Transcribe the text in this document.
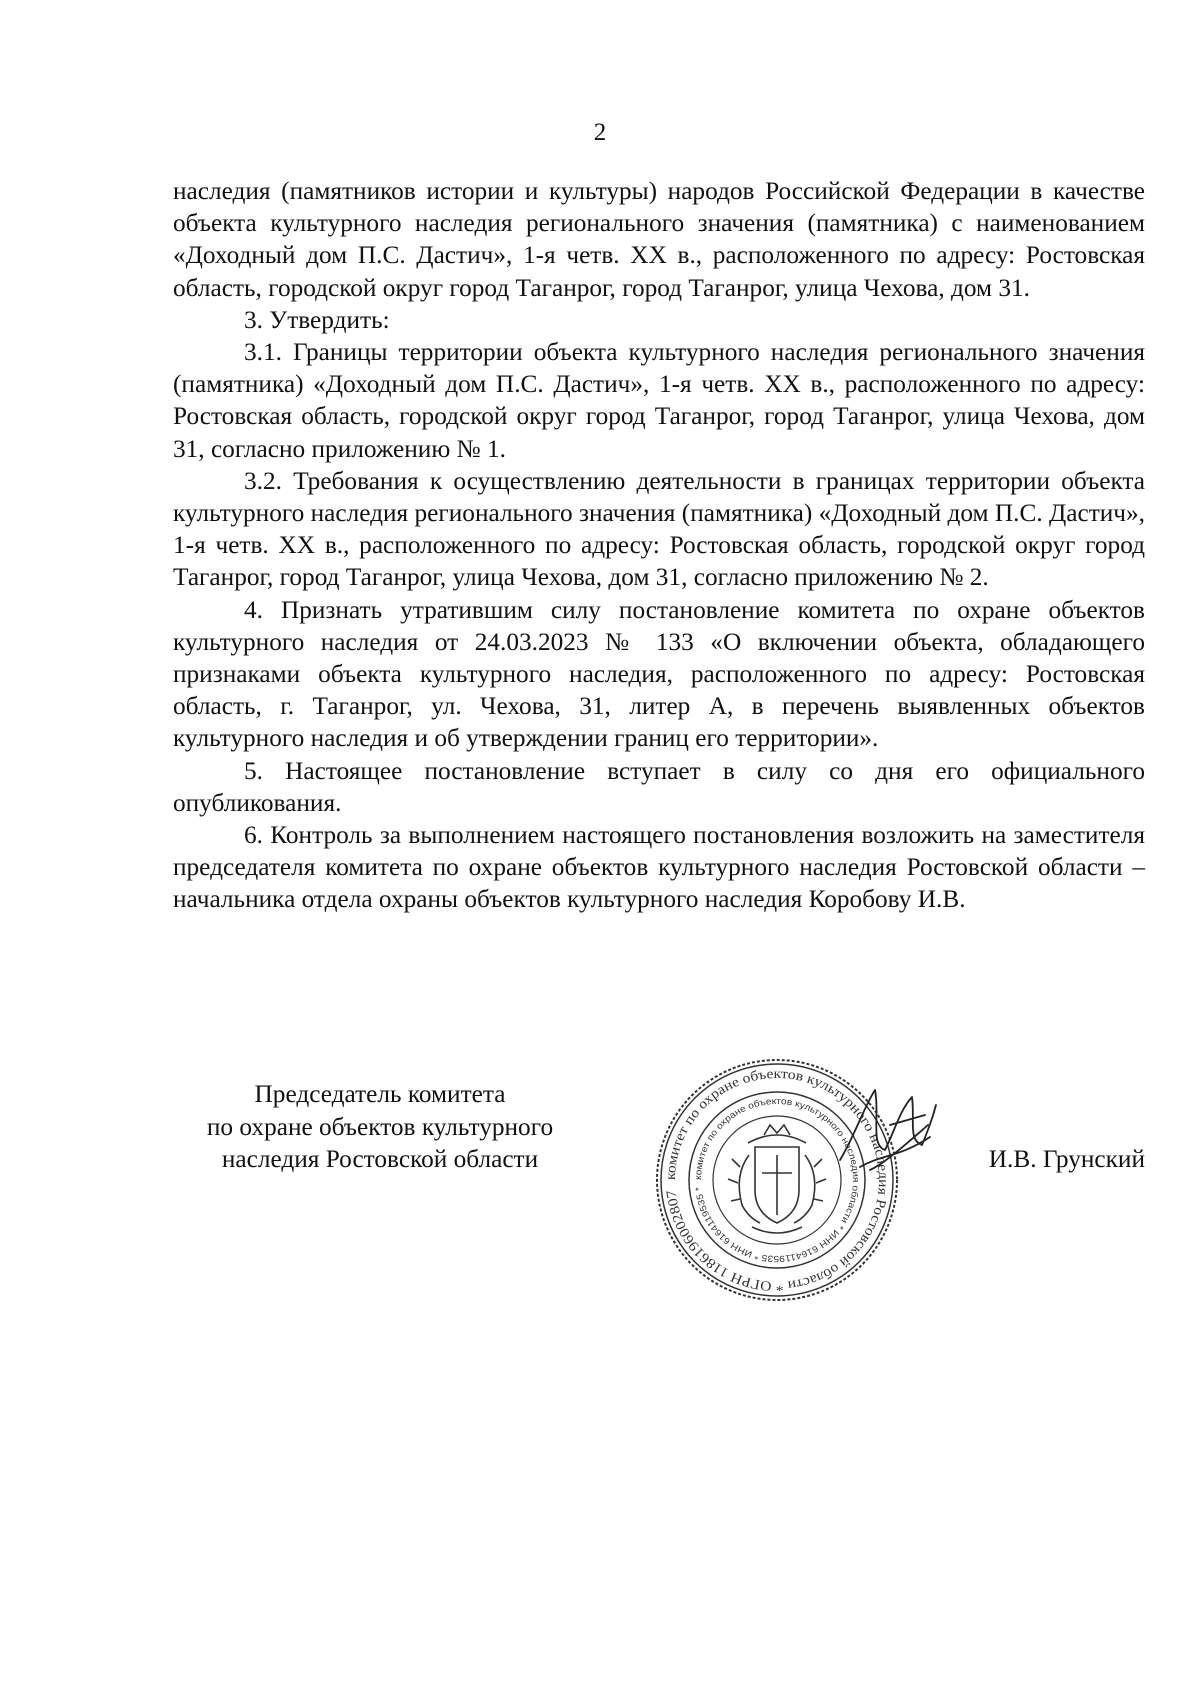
2

наследия (памятников истории и культуры) народов Российской Федерации в качестве объекта культурного наследия регионального значения (памятника) с наименованием «Доходный дом П.С. Дастич», 1-я четв. XX в., расположенного по адресу: Ростовская область, городской округ город Таганрог, город Таганрог, улица Чехова, дом 31.

3. Утвердить:

3.1. Границы территории объекта культурного наследия регионального значения (памятника) «Доходный дом П.С. Дастич», 1-я четв. XX в., расположенного по адресу: Ростовская область, городской округ город Таганрог, город Таганрог, улица Чехова, дом 31, согласно приложению № 1.

3.2. Требования к осуществлению деятельности в границах территории объекта культурного наследия регионального значения (памятника) «Доходный дом П.С. Дастич», 1-я четв. XX в., расположенного по адресу: Ростовская область, городской округ город Таганрог, город Таганрог, улица Чехова, дом 31, согласно приложению № 2.

4. Признать утратившим силу постановление комитета по охране объектов культурного наследия от 24.03.2023 № 133 «О включении объекта, обладающего признаками объекта культурного наследия, расположенного по адресу: Ростовская область, г. Таганрог, ул. Чехова, 31, литер А, в перечень выявленных объектов культурного наследия и об утверждении границ его территории».

5. Настоящее постановление вступает в силу со дня его официального опубликования.

6. Контроль за выполнением настоящего постановления возложить на заместителя председателя комитета по охране объектов культурного наследия Ростовской области – начальника отдела охраны объектов культурного наследия Коробову И.В.

Председатель комитета
по охране объектов культурного
наследия Ростовской области
комитет по охране объектов культурного наследия Ростовской области * ОГРН 1186196002807
комитет по охране объектов культурного наследия области * ИНН 6164119535 * ИНН 6164119535 *
И.В. Грунский
